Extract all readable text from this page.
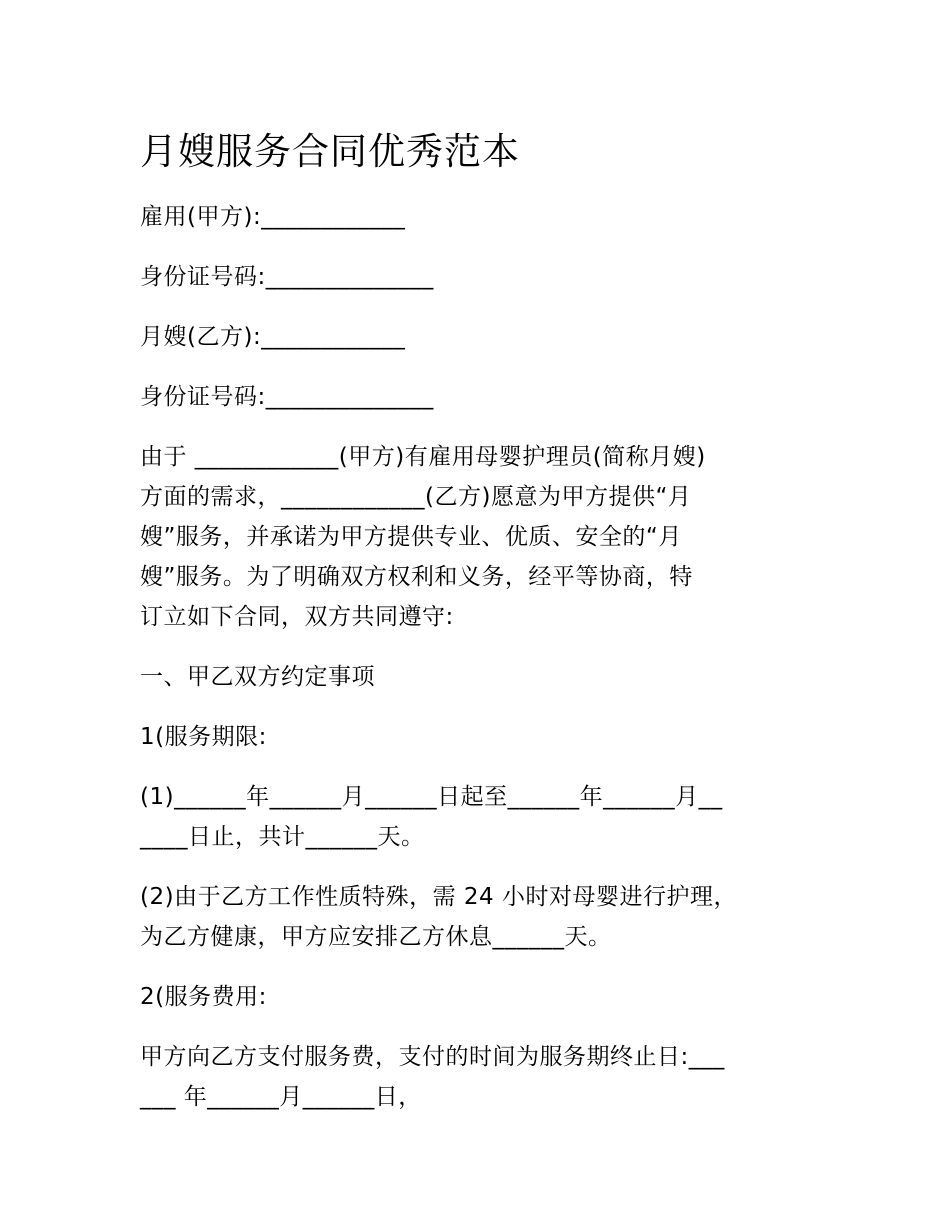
月嫂服务合同优秀范本
雇用(甲方):____________
身份证号码:______________
月嫂(乙方):____________
身份证号码:______________
由于 ____________(甲方)有雇用母婴护理员(简称月嫂)
方面的需求，____________(乙方)愿意为甲方提供“月
嫂”服务，并承诺为甲方提供专业、优质、安全的“月
嫂”服务。为了明确双方权利和义务，经平等协商，特
订立如下合同，双方共同遵守:
一、甲乙双方约定事项
1(服务期限:
(1)______年______月______日起至______年______月__
____日止，共计______天。
(2)由于乙方工作性质特殊，需 24 小时对母婴进行护理，
为乙方健康，甲方应安排乙方休息______天。
2(服务费用:
甲方向乙方支付服务费，支付的时间为服务期终止日:___
___ 年______月______日，
